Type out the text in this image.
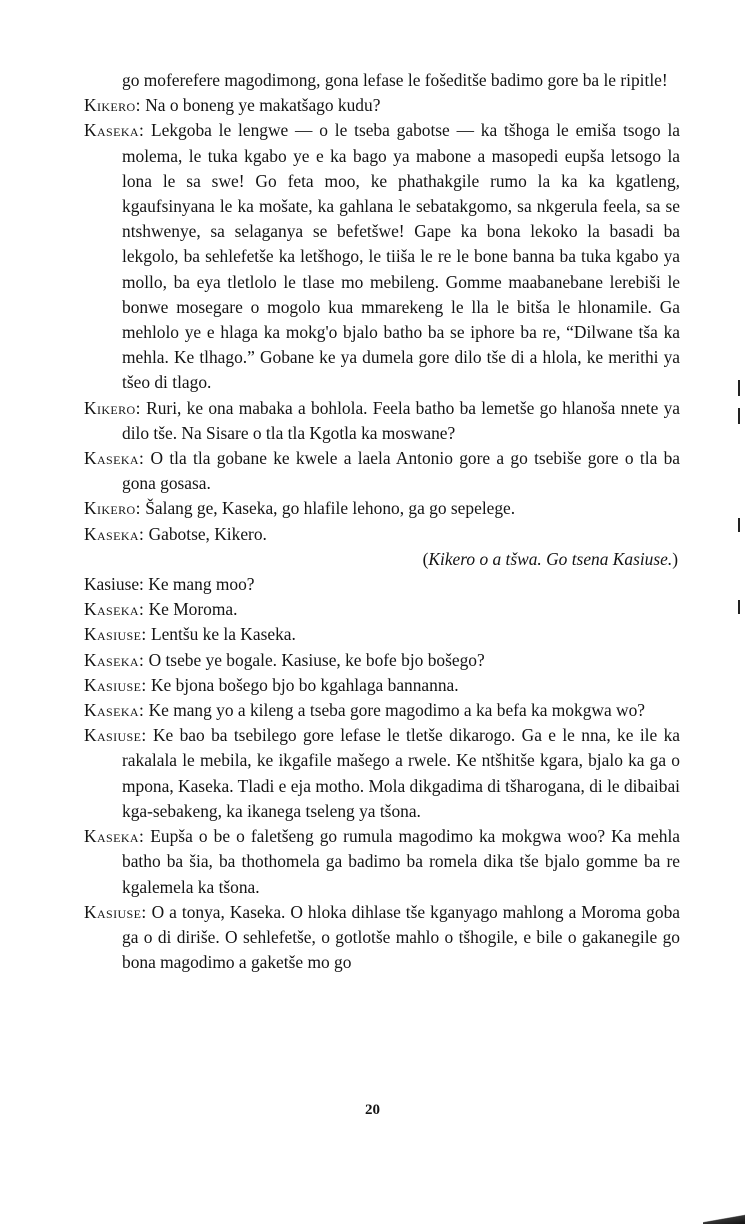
go moferefere magodimong, gona lefase le fošeditše badimo gore ba le ripitle!

Kikero: Na o boneng ye makatšago kudu?

Kaseka: Lekgoba le lengwe — o le tseba gabotse — ka tšhoga le emiša tsogo la molema, le tuka kgabo ye e ka bago ya mabone a masopedi eupša letsogo la lona le sa swe! Go feta moo, ke phathakgile rumo la ka ka kgatleng, kgaufsinyana le ka mošate, ka gahlana le sebatakgomo, sa nkgerula feela, sa se ntshwenye, sa selaganya se befetšwe! Gape ka bona lekoko la basadi ba lekgolo, ba sehlefetše ka letšhogo, le tiiša le re le bone banna ba tuka kgabo ya mollo, ba eya tletlolo le tlase mo mebileng. Gomme maabanebane lerebiši le bonwe mosegare o mogolo kua mmarekeng le lla le bitša le hlonamile. Ga mehlolo ye e hlaga ka mokg'o bjalo batho ba se iphore ba re, “Dilwane tša ka mehla. Ke tlhago.” Gobane ke ya dumela gore dilo tše di a hlola, ke merithi ya tšeo di tlago.

Kikero: Ruri, ke ona mabaka a bohlola. Feela batho ba lemetše go hlanoša nnete ya dilo tše. Na Sisare o tla tla Kgotla ka moswane?

Kaseka: O tla tla gobane ke kwele a laela Antonio gore a go tsebiše gore o tla ba gona gosasa.

Kikero: Šalang ge, Kaseka, go hlafile lehono, ga go sepelege.

Kaseka: Gabotse, Kikero.

(Kikero o a tšwa. Go tsena Kasiuse.)

Kasiuse: Ke mang moo?

Kaseka: Ke Moroma.

Kasiuse: Lentšu ke la Kaseka.

Kaseka: O tsebe ye bogale. Kasiuse, ke bofe bjo bošego?

Kasiuse: Ke bjona bošego bjo bo kgahlaga bannanna.

Kaseka: Ke mang yo a kileng a tseba gore magodimo a ka befa ka mokgwa wo?

Kasiuse: Ke bao ba tsebilego gore lefase le tletše dikarogo. Ga e le nna, ke ile ka rakalala le mebila, ke ikgafile mašego a rwele. Ke ntšhitše kgara, bjalo ka ga o mpona, Kaseka. Tladi e eja motho. Mola dikgadima di tšharogana, di le dibaibai kga-sebakeng, ka ikanega tseleng ya tšona.

Kaseka: Eupša o be o faletšeng go rumula magodimo ka mokgwa woo? Ka mehla batho ba šia, ba thothomela ga badimo ba romela dika tše bjalo gomme ba re kgalemela ka tšona.

Kasiuse: O a tonya, Kaseka. O hloka dihlase tše kganyago mahlong a Moroma goba ga o di diriše. O sehlefetše, o gotlotše mahlo o tšhogile, e bile o gakanegile go bona magodimo a gaketše mo go

20
